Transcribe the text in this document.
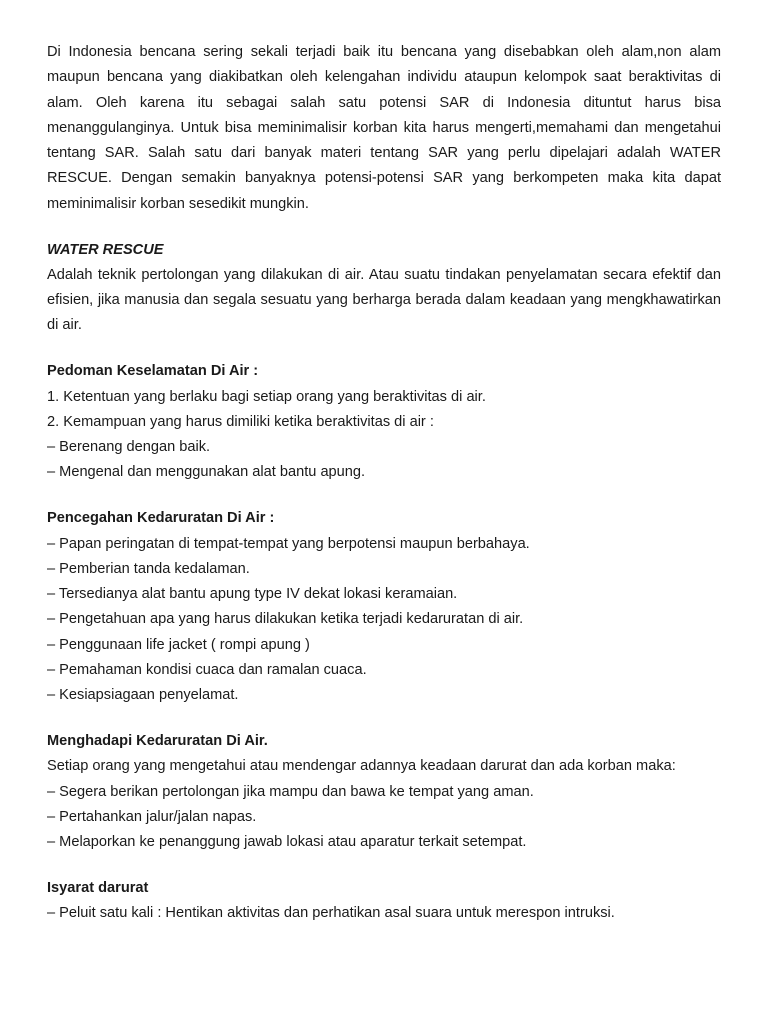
Di Indonesia bencana sering sekali terjadi baik itu bencana yang disebabkan oleh alam,non alam maupun bencana yang diakibatkan oleh kelengahan individu ataupun kelompok saat beraktivitas di alam. Oleh karena itu sebagai salah satu potensi SAR di Indonesia dituntut harus bisa menanggulanginya. Untuk bisa meminimalisir korban kita harus mengerti,memahami dan mengetahui tentang SAR. Salah satu dari banyak materi tentang SAR yang perlu dipelajari adalah WATER RESCUE. Dengan semakin banyaknya potensi-potensi SAR yang berkompeten maka kita dapat meminimalisir korban sesedikit mungkin.

WATER RESCUE

Adalah teknik pertolongan yang dilakukan di air. Atau suatu tindakan penyelamatan secara efektif dan efisien, jika manusia dan segala sesuatu yang berharga berada dalam keadaan yang mengkhawatirkan di air.

Pedoman Keselamatan Di Air :

1. Ketentuan yang berlaku bagi setiap orang yang beraktivitas di air.

2. Kemampuan yang harus dimiliki ketika beraktivitas di air :

– Berenang dengan baik.

– Mengenal dan menggunakan alat bantu apung.

Pencegahan Kedaruratan Di Air :

– Papan peringatan di tempat-tempat yang berpotensi maupun berbahaya.

– Pemberian tanda kedalaman.

– Tersedianya alat bantu apung type IV dekat lokasi keramaian.

– Pengetahuan apa yang harus dilakukan ketika terjadi kedaruratan di air.

– Penggunaan life jacket ( rompi apung )

– Pemahaman kondisi cuaca dan ramalan cuaca.

– Kesiapsiagaan penyelamat.

Menghadapi Kedaruratan Di Air.

Setiap orang yang mengetahui atau mendengar adannya keadaan darurat dan ada korban maka:

– Segera berikan pertolongan jika mampu dan bawa ke tempat yang aman.

– Pertahankan jalur/jalan napas.

– Melaporkan ke penanggung jawab lokasi atau aparatur terkait setempat.

Isyarat darurat

– Peluit satu kali : Hentikan aktivitas dan perhatikan asal suara untuk merespon intruksi.
